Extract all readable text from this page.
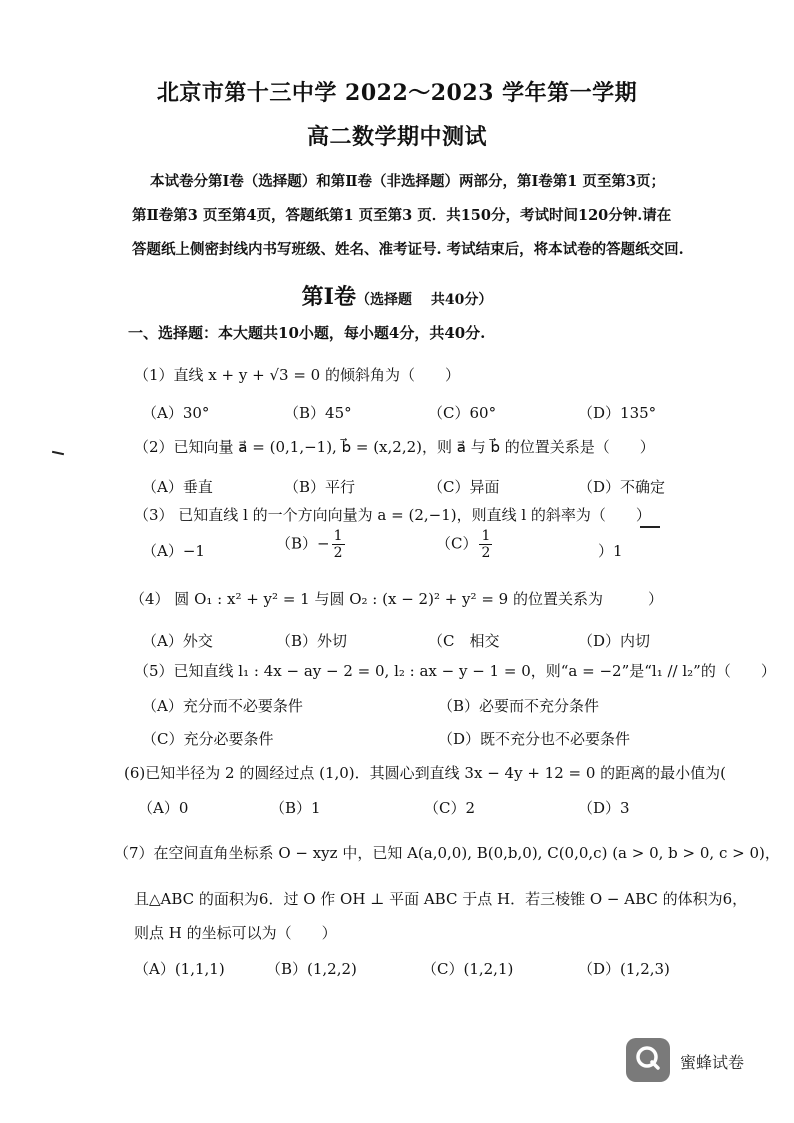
北京市第十三中学 2022～2023 学年第一学期
高二数学期中测试
本试卷分第Ⅰ卷（选择题）和第Ⅱ卷（非选择题）两部分，第Ⅰ卷第1 页至第3页；
第Ⅱ卷第3 页至第4页，答题纸第1 页至第3 页．共150分，考试时间120分钟.请在
答题纸上侧密封线内书写班级、姓名、准考证号. 考试结束后，将本试卷的答题纸交回.
第Ⅰ卷（选择题　 共40分）
一、选择题：本大题共10小题，每小题4分，共40分.
（1）直线 x + y + √3 = 0 的倾斜角为（　　）
（A）30°	（B）45°	（C）60°	（D）135°
（2）已知向量 a⃗ = (0,1,−1), b⃗ = (x,2,2)，则 a⃗ 与 b⃗ 的位置关系是（　　）
（A）垂直	（B）平行	（C）异面	（D）不确定
（3） 已知直线 l 的一个方向向量为 a = (2,−1)，则直线 l 的斜率为（　　）
（A）−1	$(B)- \frac{1}{2}$	$(C) \frac{1}{2}$	）1
（4） 圆 O₁ : x² + y² = 1 与圆 O₂ : (x − 2)² + y² = 9 的位置关系为　　　）
（A）外交	（B）外切	（C　相交	（D）内切
（5）已知直线 l₁ : 4x − ay − 2 = 0, l₂ : ax − y − 1 = 0，则“a = −2”是“l₁ // l₂”的（　　）
（A）充分而不必要条件	（B）必要而不充分条件
（C）充分必要条件	（D）既不充分也不必要条件
(6)已知半径为 2 的圆经过点 (1,0)．其圆心到直线 3x − 4y + 12 = 0 的距离的最小值为(
（A）0	（B）1	（C）2	（D）3
（7）在空间直角坐标系 O − xyz 中，已知 A(a,0,0), B(0,b,0), C(0,0,c) (a > 0, b > 0, c > 0)，
且△ABC 的面积为6．过 O 作 OH ⊥ 平面 ABC 于点 H．若三棱锥 O − ABC 的体积为6，
则点 H 的坐标可以为（　　）
（A）(1,1,1)	（B）(1,2,2)	（C）(1,2,1)	（D）(1,2,3)
蜜蜂试卷
